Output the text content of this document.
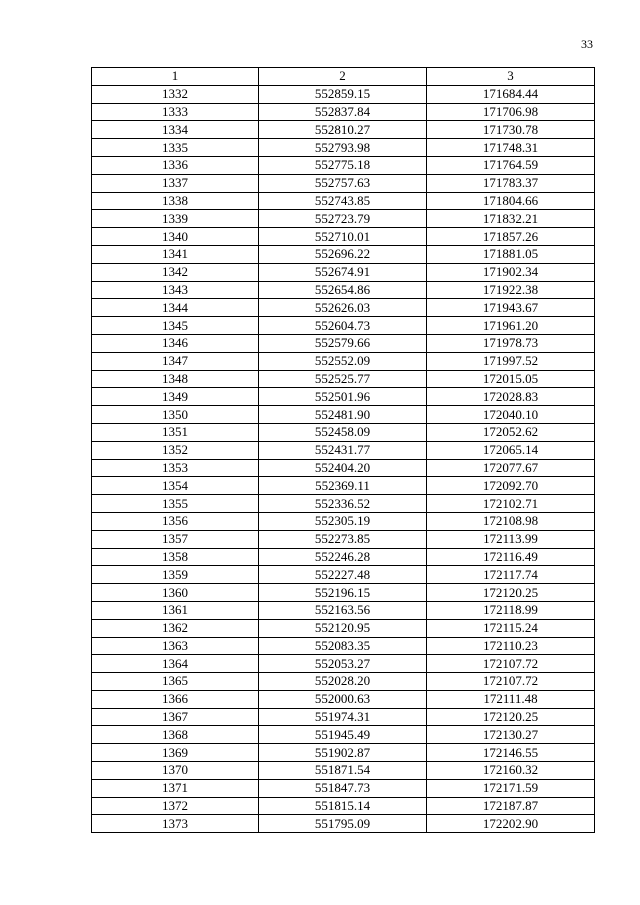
33
1	2	3
1332	552859.15	171684.44
1333	552837.84	171706.98
1334	552810.27	171730.78
1335	552793.98	171748.31
1336	552775.18	171764.59
1337	552757.63	171783.37
1338	552743.85	171804.66
1339	552723.79	171832.21
1340	552710.01	171857.26
1341	552696.22	171881.05
1342	552674.91	171902.34
1343	552654.86	171922.38
1344	552626.03	171943.67
1345	552604.73	171961.20
1346	552579.66	171978.73
1347	552552.09	171997.52
1348	552525.77	172015.05
1349	552501.96	172028.83
1350	552481.90	172040.10
1351	552458.09	172052.62
1352	552431.77	172065.14
1353	552404.20	172077.67
1354	552369.11	172092.70
1355	552336.52	172102.71
1356	552305.19	172108.98
1357	552273.85	172113.99
1358	552246.28	172116.49
1359	552227.48	172117.74
1360	552196.15	172120.25
1361	552163.56	172118.99
1362	552120.95	172115.24
1363	552083.35	172110.23
1364	552053.27	172107.72
1365	552028.20	172107.72
1366	552000.63	172111.48
1367	551974.31	172120.25
1368	551945.49	172130.27
1369	551902.87	172146.55
1370	551871.54	172160.32
1371	551847.73	172171.59
1372	551815.14	172187.87
1373	551795.09	172202.90
